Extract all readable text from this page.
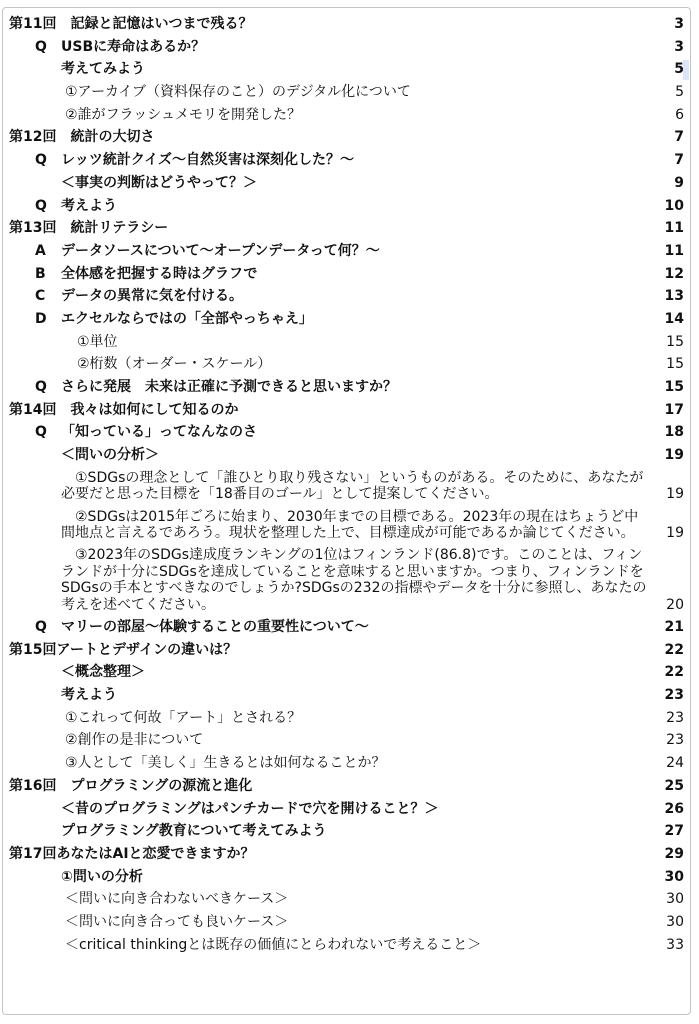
第11回　記録と記憶はいつまで残る？	3
Q USBに寿命はあるか？	3
考えてみよう	5
①アーカイブ（資料保存のこと）のデジタル化について	5
②誰がフラッシュメモリを開発した？	6
第12回　統計の大切さ	7
Q レッツ統計クイズ〜自然災害は深刻化した？〜	7
＜事実の判断はどうやって？＞	9
Q 考えよう	10
第13回　統計リテラシー	11
A データソースについて〜オープンデータって何？〜	11
B 全体感を把握する時はグラフで	12
C データの異常に気を付ける。	13
D エクセルならではの「全部やっちゃえ」	14
①単位	15
②桁数（オーダー・スケール）	15
Q さらに発展　未来は正確に予測できると思いますか？	15
第14回　我々は如何にして知るのか	17
Q 「知っている」ってなんなのさ	18
＜問いの分析＞	19
①SDGsの理念として「誰ひとり取り残さない」というものがある。そのために、あなたが必要だと思った目標を「18番目のゴール」として提案してください。	19
②SDGsは2015年ごろに始まり、2030年までの目標である。2023年の現在はちょうど中間地点と言えるであろう。現状を整理した上で、目標達成が可能であるか論じてください。	19
③2023年のSDGs達成度ランキングの1位はフィンランド(86.8)です。このことは、フィンランドが十分にSDGsを達成していることを意味すると思いますか。つまり、フィンランドをSDGsの手本とすべきなのでしょうか?SDGsの232の指標やデータを十分に参照し、あなたの考えを述べてください。	20
Q マリーの部屋〜体験することの重要性について〜	21
第15回アートとデザインの違いは？	22
＜概念整理＞	22
考えよう	23
①これって何故「アート」とされる？	23
②創作の是非について	23
③人として「美しく」生きるとは如何なることか？	24
第16回　プログラミングの源流と進化	25
＜昔のプログラミングはパンチカードで穴を開けること？＞	26
プログラミング教育について考えてみよう	27
第17回あなたはAIと恋愛できますか？	29
①問いの分析	30
＜問いに向き合わないべきケース＞	30
＜問いに向き合っても良いケース＞	30
＜critical thinkingとは既存の価値にとらわれないで考えること＞	33
